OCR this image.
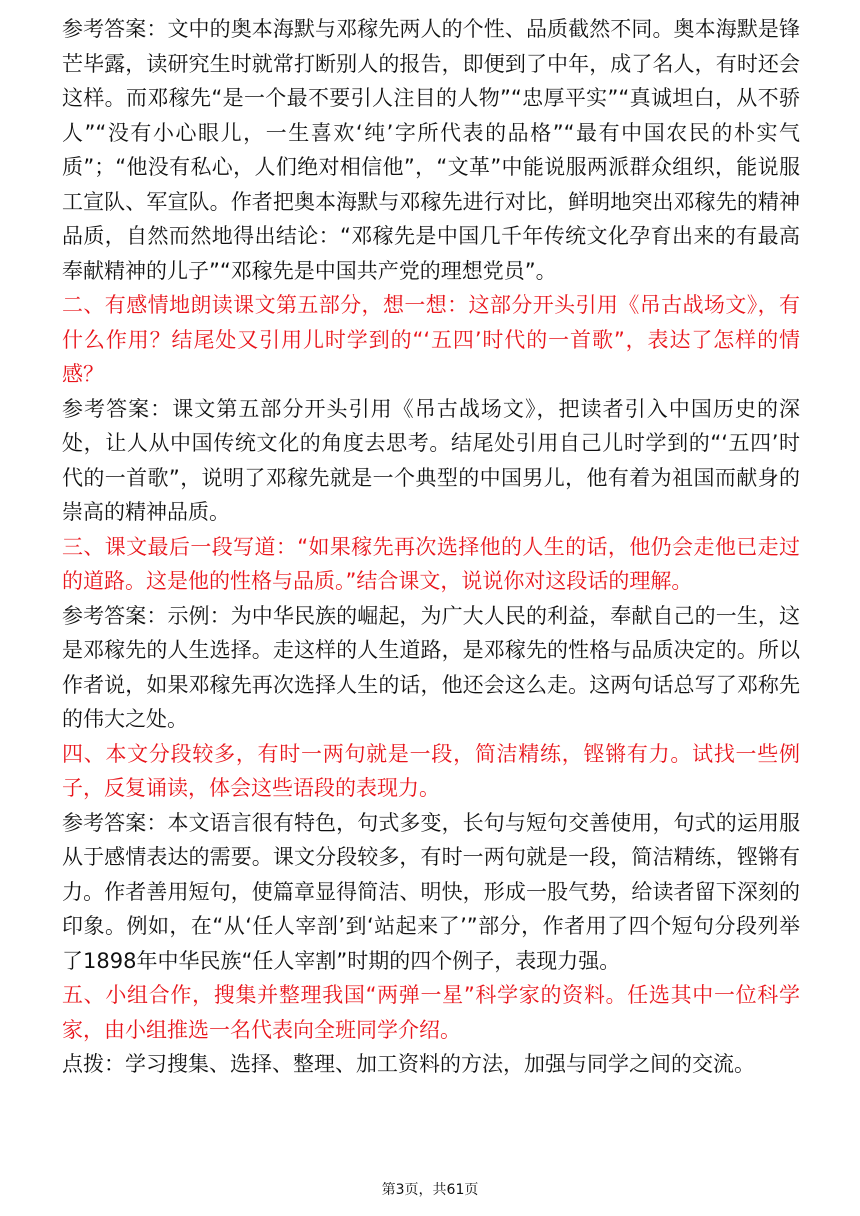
参考答案：文中的奥本海默与邓稼先两人的个性、品质截然不同。奥本海默是锋芒毕露，读研究生时就常打断别人的报告，即便到了中年，成了名人，有时还会这样。而邓稼先“是一个最不要引人注目的人物”“忠厚平实”“真诚坦白，从不骄人”“没有小心眼儿，一生喜欢‘纯’字所代表的品格”“最有中国农民的朴实气质”；“他没有私心，人们绝对相信他”，“文革”中能说服两派群众组织，能说服工宣队、军宣队。作者把奥本海默与邓稼先进行对比，鲜明地突出邓稼先的精神品质，自然而然地得出结论：“邓稼先是中国几千年传统文化孕育出来的有最高奉献精神的儿子”“邓稼先是中国共产党的理想党员”。

二、有感情地朗读课文第五部分，想一想：这部分开头引用《吊古战场文》，有什么作用？结尾处又引用儿时学到的“‘五四’时代的一首歌”，表达了怎样的情感？

参考答案：课文第五部分开头引用《吊古战场文》，把读者引入中国历史的深处，让人从中国传统文化的角度去思考。结尾处引用自己儿时学到的“‘五四’时代的一首歌”，说明了邓稼先就是一个典型的中国男儿，他有着为祖国而献身的崇高的精神品质。

三、课文最后一段写道：“如果稼先再次选择他的人生的话，他仍会走他已走过的道路。这是他的性格与品质。”结合课文，说说你对这段话的理解。

参考答案：示例：为中华民族的崛起，为广大人民的利益，奉献自己的一生，这是邓稼先的人生选择。走这样的人生道路，是邓稼先的性格与品质决定的。所以作者说，如果邓稼先再次选择人生的话，他还会这么走。这两句话总写了邓称先的伟大之处。

四、本文分段较多，有时一两句就是一段，简洁精练，铿锵有力。试找一些例子，反复诵读，体会这些语段的表现力。

参考答案：本文语言很有特色，句式多变，长句与短句交善使用，句式的运用服从于感情表达的需要。课文分段较多，有时一两句就是一段，简洁精练，铿锵有力。作者善用短句，使篇章显得简洁、明快，形成一股气势，给读者留下深刻的印象。例如，在“从‘任人宰剖’到‘站起来了’”部分，作者用了四个短句分段列举了1898年中华民族“任人宰割”时期的四个例子，表现力强。

五、小组合作，搜集并整理我国“两弹一星”科学家的资料。任选其中一位科学家，由小组推选一名代表向全班同学介绍。

点拨：学习搜集、选择、整理、加工资料的方法，加强与同学之间的交流。

第3页，共61页
